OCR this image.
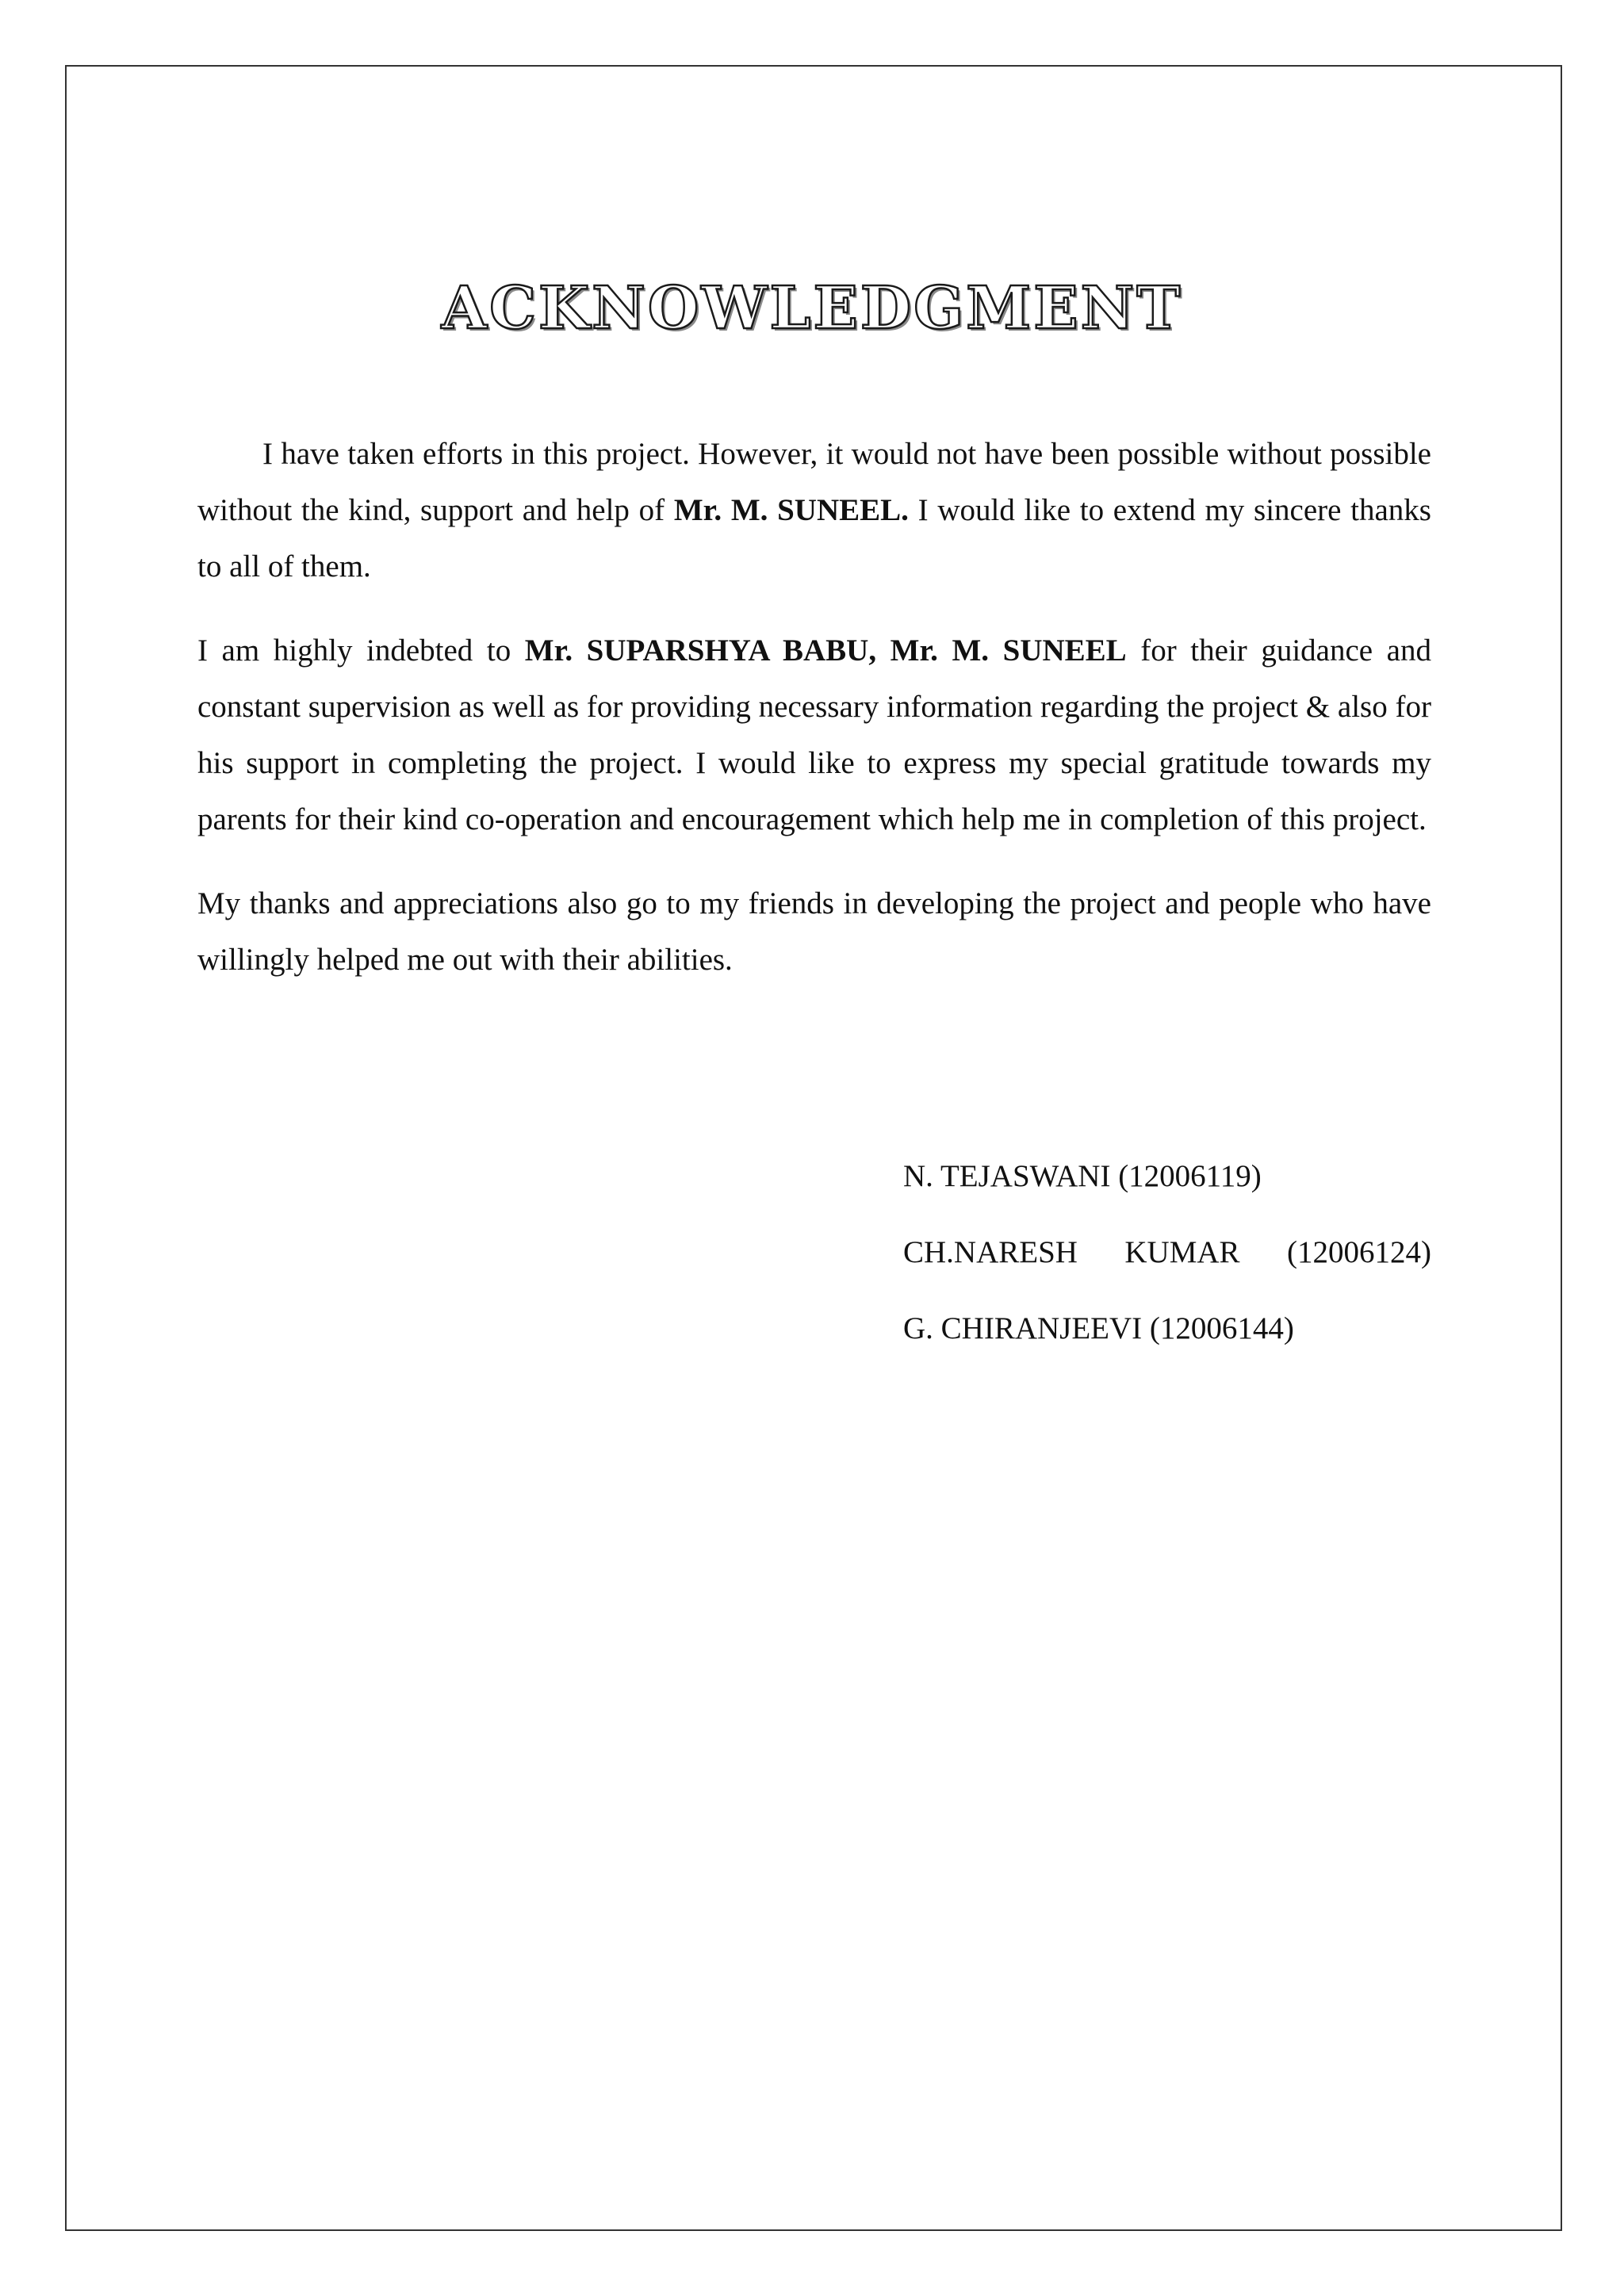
ACKNOWLEDGMENT

I have taken efforts in this project. However, it would not have been possible without possible without the kind, support and help of Mr. M. SUNEEL. I would like to extend my sincere thanks to all of them.

I am highly indebted to Mr. SUPARSHYA BABU, Mr. M. SUNEEL for their guidance and constant supervision as well as for providing necessary information regarding the project & also for his support in completing the project. I would like to express my special gratitude towards my parents for their kind co-operation and encouragement which help me in completion of this project.

My thanks and appreciations also go to my friends in developing the project and people who have willingly helped me out with their abilities.

N. TEJASWANI (12006119)
CH.NARESH KUMAR (12006124)
G. CHIRANJEEVI (12006144)
